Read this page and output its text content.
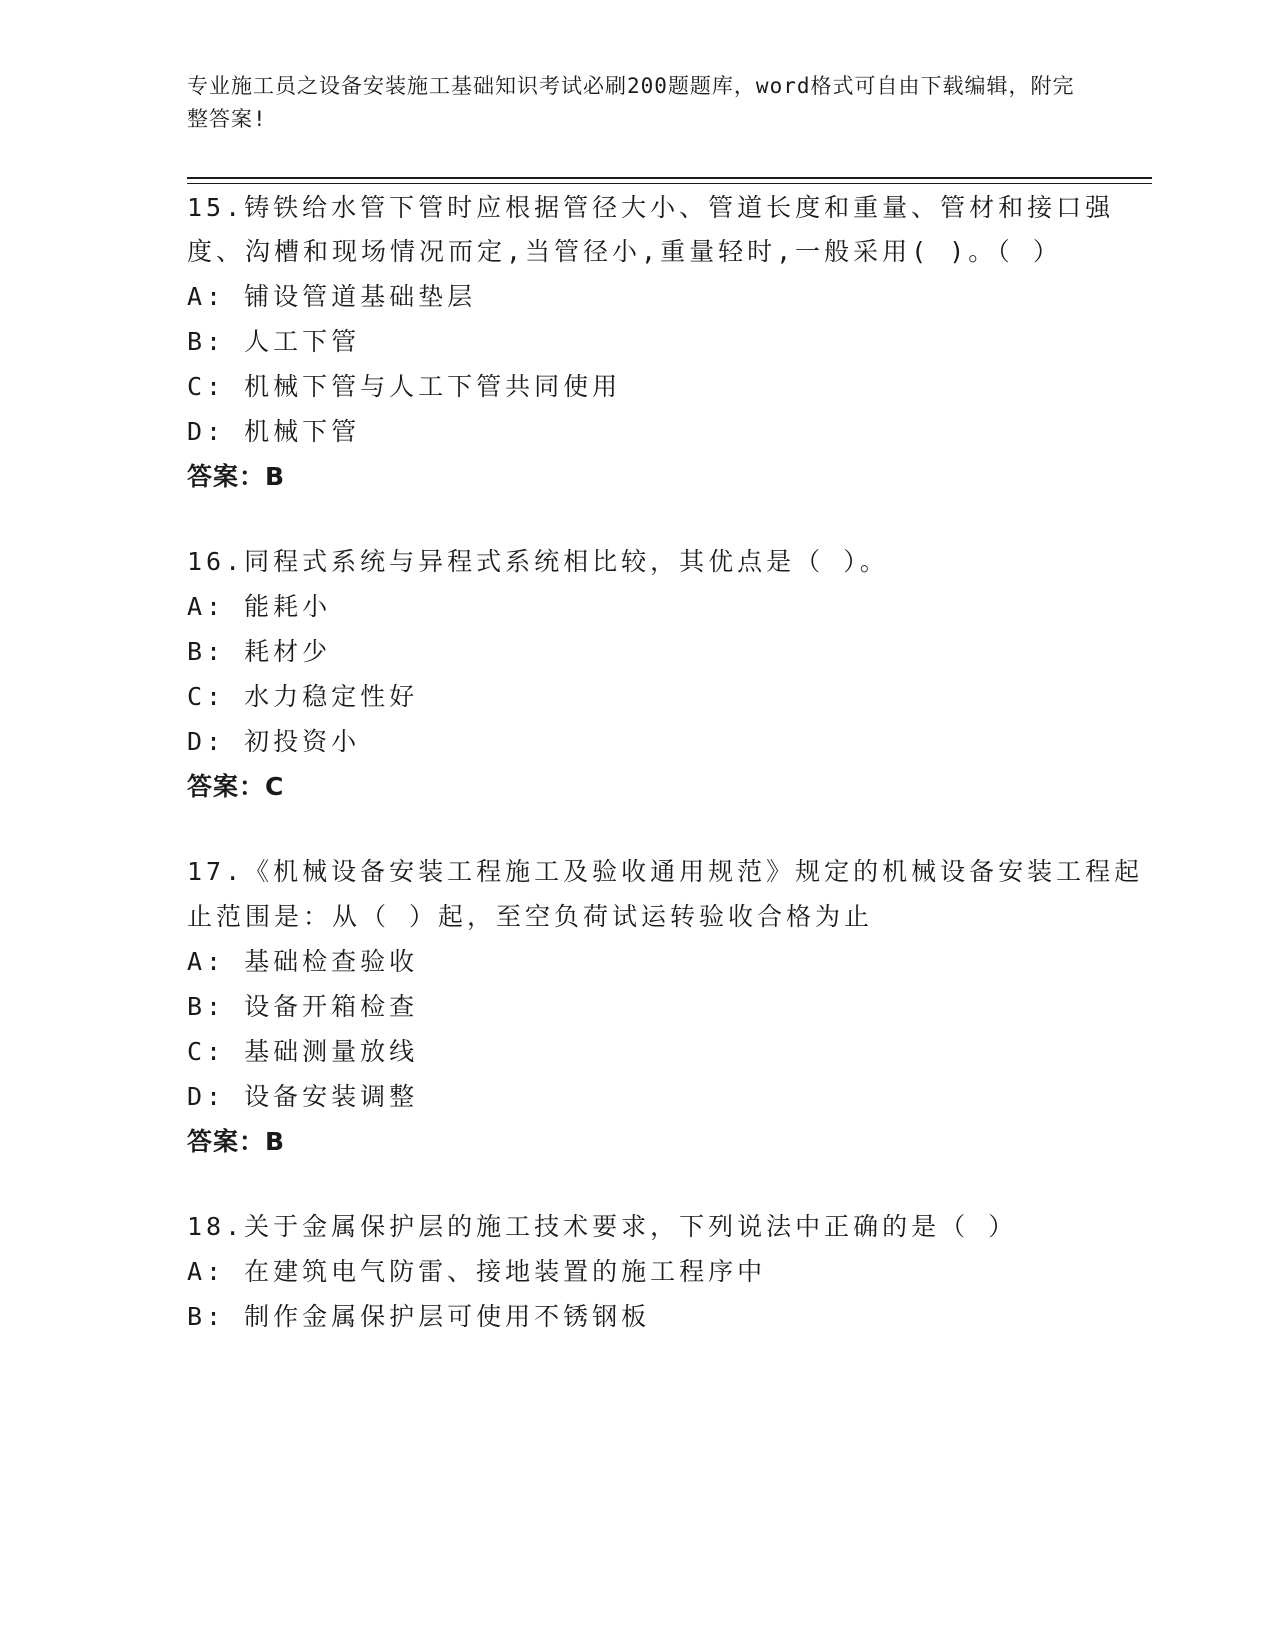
专业施工员之设备安装施工基础知识考试必刷200题题库，word格式可自由下载编辑，附完整答案!
15.铸铁给水管下管时应根据管径大小、管道长度和重量、管材和接口强度、沟槽和现场情况而定,当管径小,重量轻时,一般采用( )。（ ）
A: 铺设管道基础垫层
B: 人工下管
C: 机械下管与人工下管共同使用
D: 机械下管
答案：B
16.同程式系统与异程式系统相比较，其优点是（ ）。
A: 能耗小
B: 耗材少
C: 水力稳定性好
D: 初投资小
答案：C
17.《机械设备安装工程施工及验收通用规范》规定的机械设备安装工程起止范围是：从（ ）起，至空负荷试运转验收合格为止
A: 基础检查验收
B: 设备开箱检查
C: 基础测量放线
D: 设备安装调整
答案：B
18.关于金属保护层的施工技术要求，下列说法中正确的是（ ）
A: 在建筑电气防雷、接地装置的施工程序中
B: 制作金属保护层可使用不锈钢板
